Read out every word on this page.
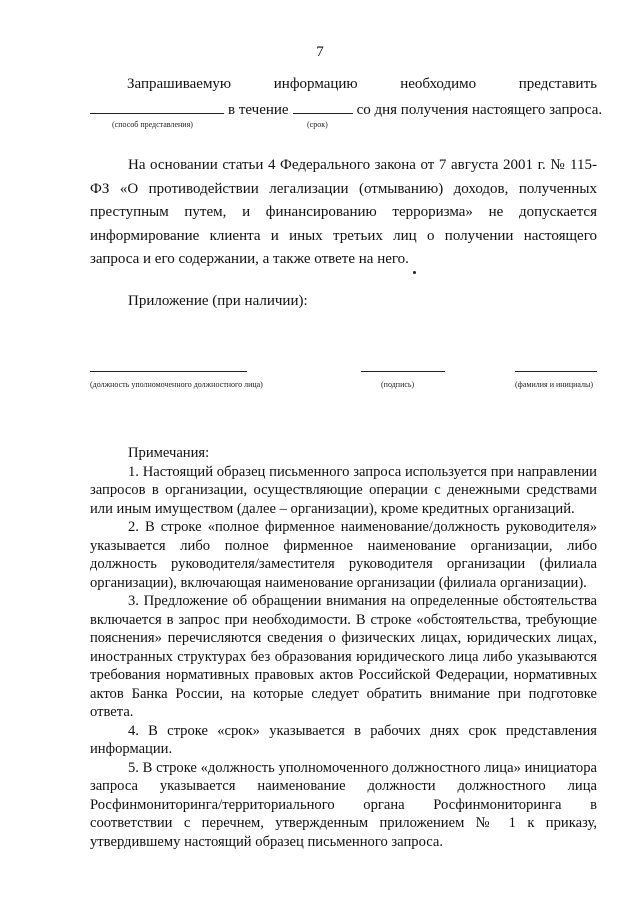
7
Запрашиваемую	информацию	необходимо	представить
в течение	со дня получения настоящего запроса.
(способ представления)	(срок)
На основании статьи 4 Федерального закона от 7 августа 2001 г. № 115-ФЗ «О противодействии легализации (отмыванию) доходов, полученных преступным путем, и финансированию терроризма» не допускается информирование клиента и иных третьих лиц о получении настоящего запроса и его содержании, а также ответе на него.
Приложение (при наличии):
(должность уполномоченного должностного лица)	(подпись)	(фамилия и инициалы)

Примечания:

1. Настоящий образец письменного запроса используется при направлении запросов в организации, осуществляющие операции с денежными средствами или иным имуществом (далее – организации), кроме кредитных организаций.

2. В строке «полное фирменное наименование/должность руководителя» указывается либо полное фирменное наименование организации, либо должность руководителя/заместителя руководителя организации (филиала организации), включающая наименование организации (филиала организации).

3. Предложение об обращении внимания на определенные обстоятельства включается в запрос при необходимости. В строке «обстоятельства, требующие пояснения» перечисляются сведения о физических лицах, юридических лицах, иностранных структурах без образования юридического лица либо указываются требования нормативных правовых актов Российской Федерации, нормативных актов Банка России, на которые следует обратить внимание при подготовке ответа.

4. В строке «срок» указывается в рабочих днях срок представления информации.

5. В строке «должность уполномоченного должностного лица» инициатора запроса указывается наименование должности должностного лица Росфинмониторинга/территориального органа Росфинмониторинга в соответствии с перечнем, утвержденным приложением № 1 к приказу, утвердившему настоящий образец письменного запроса.
